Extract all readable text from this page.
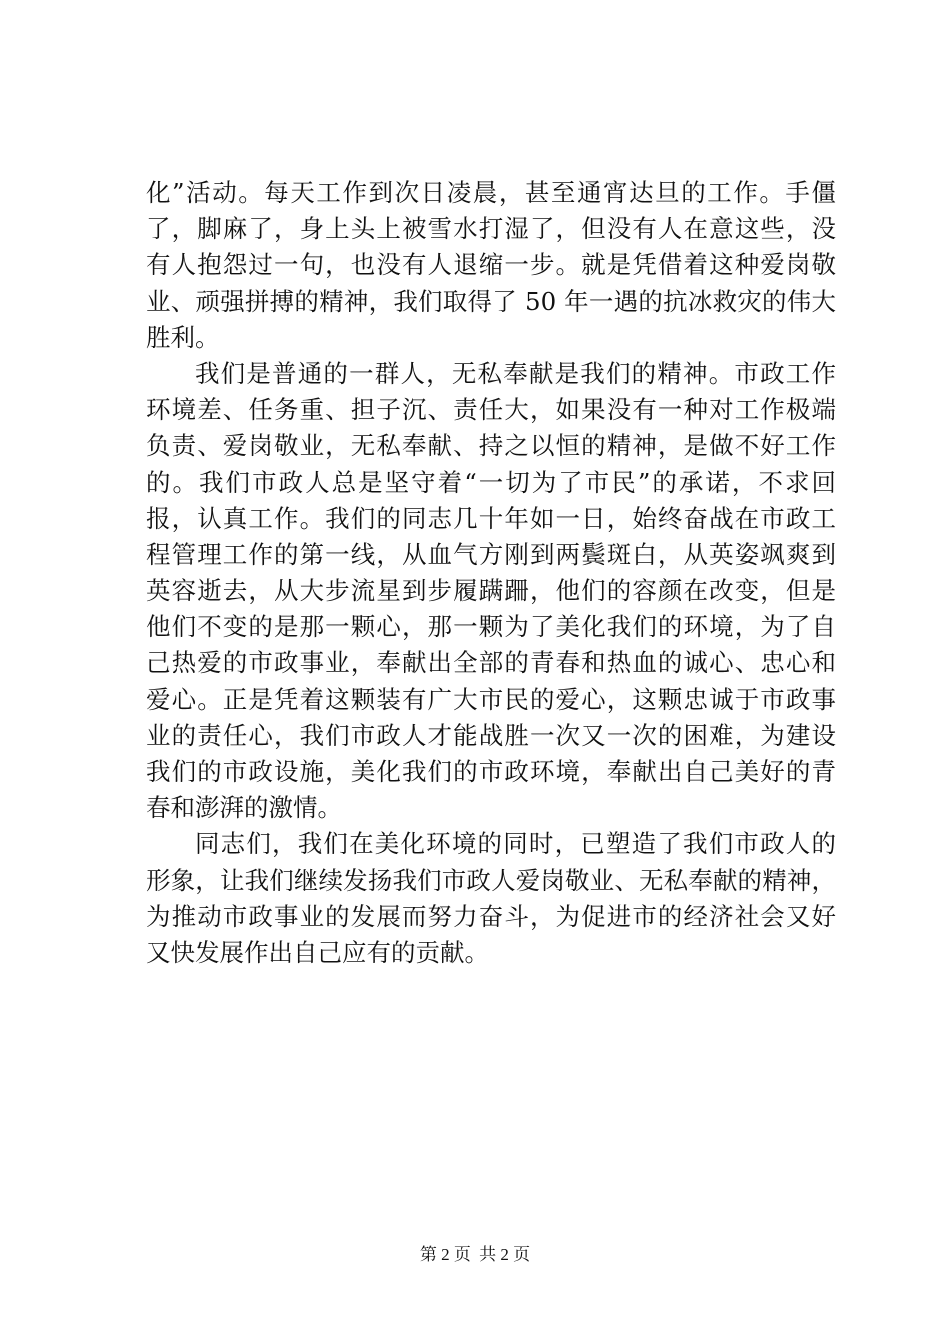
化”活动。每天工作到次日凌晨，甚至通宵达旦的工作。手僵
了，脚麻了，身上头上被雪水打湿了，但没有人在意这些，没
有人抱怨过一句，也没有人退缩一步。就是凭借着这种爱岗敬
业、顽强拼搏的精神，我们取得了 50 年一遇的抗冰救灾的伟大
胜利。
我们是普通的一群人，无私奉献是我们的精神。市政工作
环境差、任务重、担子沉、责任大，如果没有一种对工作极端
负责、爱岗敬业，无私奉献、持之以恒的精神，是做不好工作
的。我们市政人总是坚守着“一切为了市民”的承诺，不求回
报，认真工作。我们的同志几十年如一日，始终奋战在市政工
程管理工作的第一线，从血气方刚到两鬓斑白，从英姿飒爽到
英容逝去，从大步流星到步履蹒跚，他们的容颜在改变，但是
他们不变的是那一颗心，那一颗为了美化我们的环境，为了自
己热爱的市政事业，奉献出全部的青春和热血的诚心、忠心和
爱心。正是凭着这颗装有广大市民的爱心，这颗忠诚于市政事
业的责任心，我们市政人才能战胜一次又一次的困难，为建设
我们的市政设施，美化我们的市政环境，奉献出自己美好的青
春和澎湃的激情。
同志们，我们在美化环境的同时，已塑造了我们市政人的
形象，让我们继续发扬我们市政人爱岗敬业、无私奉献的精神，
为推动市政事业的发展而努力奋斗，为促进市的经济社会又好
又快发展作出自己应有的贡献。
第 2 页 共 2 页
